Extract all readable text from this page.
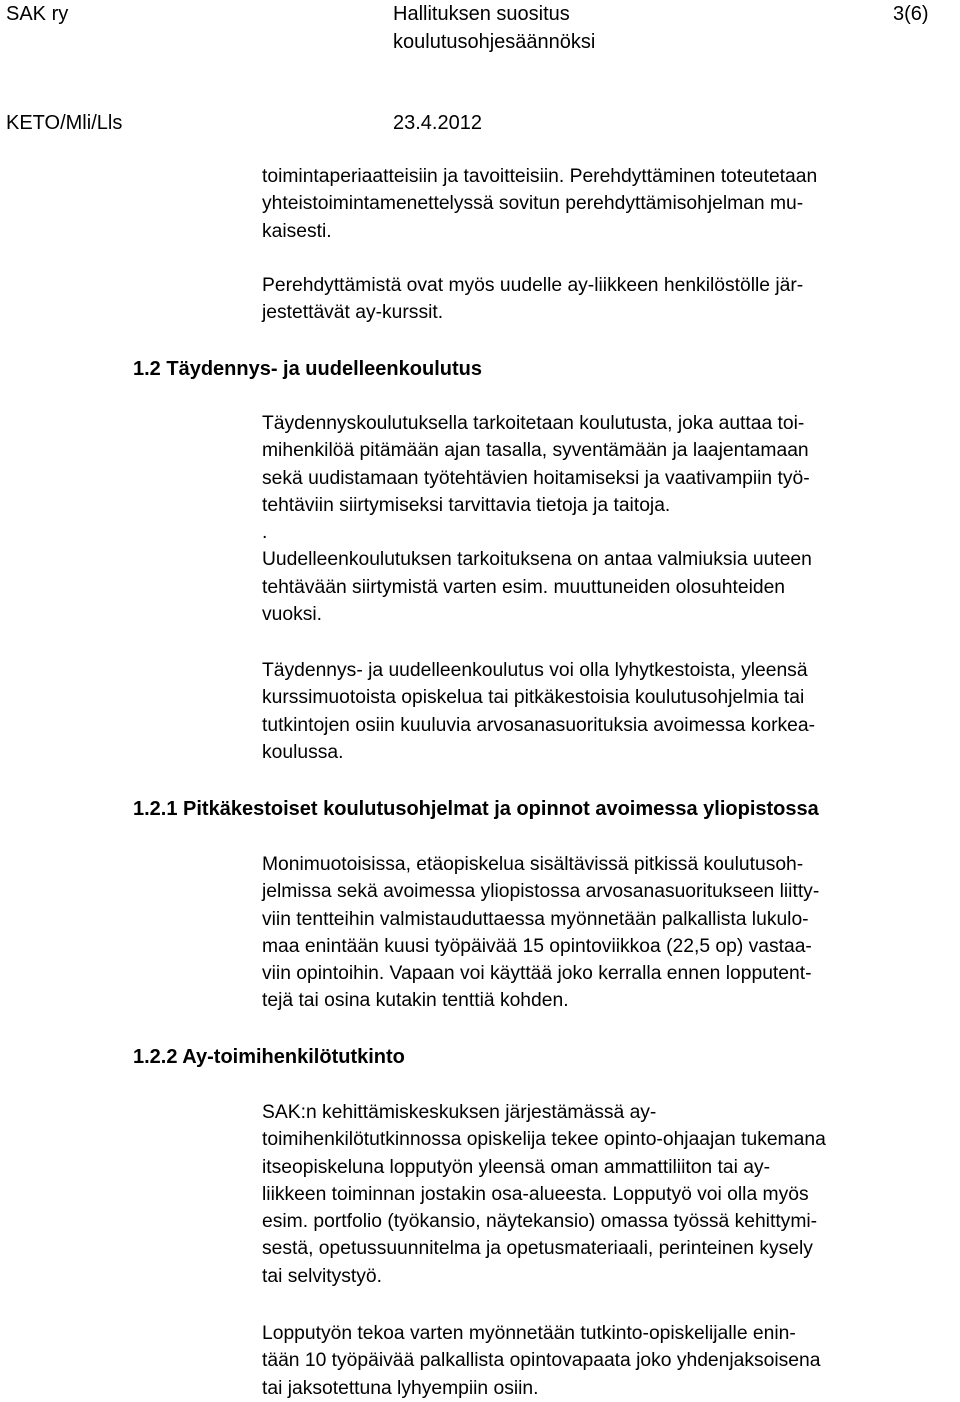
SAK ry	Hallituksen suositus
koulutusohjesäännöksi
3(6)
KETO/Mli/Lls	23.4.2012
toimintaperiaatteisiin ja tavoitteisiin. Perehdyttäminen toteutetaan
yhteistoimintamenettelyssä sovitun perehdyttämisohjelman mu-
kaisesti.
Perehdyttämistä ovat myös uudelle ay-liikkeen henkilöstölle jär-
jestettävät ay-kurssit.
1.2 Täydennys- ja uudelleenkoulutus
Täydennyskoulutuksella tarkoitetaan koulutusta, joka auttaa toi-
mihenkilöä pitämään ajan tasalla, syventämään ja laajentamaan
sekä uudistamaan työtehtävien hoitamiseksi ja vaativampiin työ-
tehtäviin siirtymiseksi tarvittavia tietoja ja taitoja.
.
Uudelleenkoulutuksen tarkoituksena on antaa valmiuksia uuteen
tehtävään siirtymistä varten esim. muuttuneiden olosuhteiden
vuoksi.
Täydennys- ja uudelleenkoulutus voi olla lyhytkestoista, yleensä
kurssimuotoista opiskelua tai pitkäkestoisia koulutusohjelmia tai
tutkintojen osiin kuuluvia arvosanasuorituksia avoimessa korkea-
koulussa.
1.2.1 Pitkäkestoiset koulutusohjelmat ja opinnot avoimessa yliopistossa
Monimuotoisissa, etäopiskelua sisältävissä pitkissä koulutusoh-
jelmissa sekä avoimessa yliopistossa arvosanasuoritukseen liitty-
viin tentteihin valmistauduttaessa myönnetään palkallista lukulo-
maa enintään kuusi työpäivää 15 opintoviikkoa (22,5 op) vastaa-
viin opintoihin. Vapaan voi käyttää joko kerralla ennen lopputent-
tejä tai osina kutakin tenttiä kohden.
1.2.2 Ay-toimihenkilötutkinto
SAK:n kehittämiskeskuksen järjestämässä ay-
toimihenkilötutkinnossa opiskelija tekee opinto-ohjaajan tukemana
itseopiskeluna lopputyön yleensä oman ammattiliiton tai ay-
liikkeen toiminnan jostakin osa-alueesta. Lopputyö voi olla myös
esim. portfolio (työkansio, näytekansio) omassa työssä kehittymi-
sestä, opetussuunnitelma ja opetusmateriaali, perinteinen kysely
tai selvitystyö.
Lopputyön tekoa varten myönnetään tutkinto-opiskelijalle enin-
tään 10 työpäivää palkallista opintovapaata joko yhdenjaksoisena
tai jaksotettuna lyhyempiin osiin.
